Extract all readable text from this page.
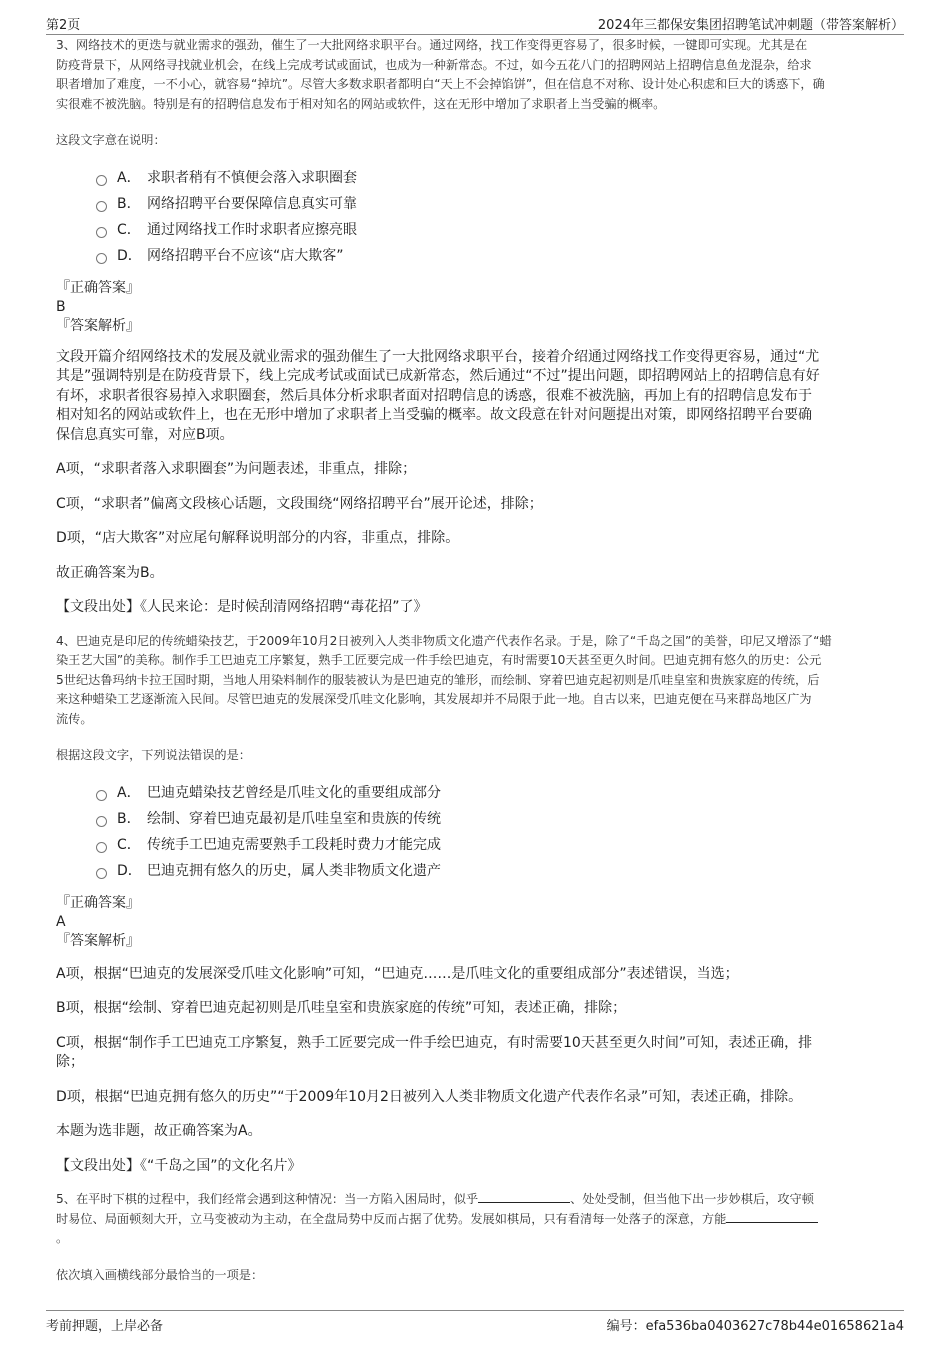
第2页	2024年三都保安集团招聘笔试冲刺题（带答案解析）

3、网络技术的更迭与就业需求的强劲，催生了一大批网络求职平台。通过网络，找工作变得更容易了，很多时候，一键即可实现。尤其是在

防疫背景下，从网络寻找就业机会，在线上完成考试或面试，也成为一种新常态。不过，如今五花八门的招聘网站上招聘信息鱼龙混杂，给求

职者增加了难度，一不小心，就容易“掉坑”。尽管大多数求职者都明白“天上不会掉馅饼”，但在信息不对称、设计处心积虑和巨大的诱惑下，确

实很难不被洗脑。特别是有的招聘信息发布于相对知名的网站或软件，这在无形中增加了求职者上当受骗的概率。

这段文字意在说明：

A． 求职者稍有不慎便会落入求职圈套
B． 网络招聘平台要保障信息真实可靠
C． 通过网络找工作时求职者应擦亮眼
D． 网络招聘平台不应该“店大欺客”

『正确答案』

B

『答案解析』

文段开篇介绍网络技术的发展及就业需求的强劲催生了一大批网络求职平台，接着介绍通过网络找工作变得更容易，通过“尤

其是”强调特别是在防疫背景下，线上完成考试或面试已成新常态，然后通过“不过”提出问题，即招聘网站上的招聘信息有好

有坏，求职者很容易掉入求职圈套，然后具体分析求职者面对招聘信息的诱惑，很难不被洗脑，再加上有的招聘信息发布于

相对知名的网站或软件上，也在无形中增加了求职者上当受骗的概率。故文段意在针对问题提出对策，即网络招聘平台要确

保信息真实可靠，对应B项。

A项，“求职者落入求职圈套”为问题表述，非重点，排除；

C项，“求职者”偏离文段核心话题，文段围绕“网络招聘平台”展开论述，排除；

D项，“店大欺客”对应尾句解释说明部分的内容，非重点，排除。

故正确答案为B。

【文段出处】《人民来论：是时候刮清网络招聘“毒花招”了》

4、巴迪克是印尼的传统蜡染技艺，于2009年10月2日被列入人类非物质文化遗产代表作名录。于是，除了“千岛之国”的美誉，印尼又增添了“蜡

染王艺大国”的美称。制作手工巴迪克工序繁复，熟手工匠要完成一件手绘巴迪克，有时需要10天甚至更久时间。巴迪克拥有悠久的历史：公元

5世纪达鲁玛纳卡拉王国时期，当地人用染料制作的服装被认为是巴迪克的雏形，而绘制、穿着巴迪克起初则是爪哇皇室和贵族家庭的传统，后

来这种蜡染工艺逐渐流入民间。尽管巴迪克的发展深受爪哇文化影响，其发展却并不局限于此一地。自古以来，巴迪克便在马来群岛地区广为

流传。

根据这段文字，下列说法错误的是：

A． 巴迪克蜡染技艺曾经是爪哇文化的重要组成部分
B． 绘制、穿着巴迪克最初是爪哇皇室和贵族的传统
C． 传统手工巴迪克需要熟手工段耗时费力才能完成
D． 巴迪克拥有悠久的历史，属人类非物质文化遗产

『正确答案』

A

『答案解析』

A项，根据“巴迪克的发展深受爪哇文化影响”可知，“巴迪克……是爪哇文化的重要组成部分”表述错误，当选；

B项，根据“绘制、穿着巴迪克起初则是爪哇皇室和贵族家庭的传统”可知，表述正确，排除；

C项，根据“制作手工巴迪克工序繁复，熟手工匠要完成一件手绘巴迪克，有时需要10天甚至更久时间”可知，表述正确，排

除；

D项，根据“巴迪克拥有悠久的历史”“于2009年10月2日被列入人类非物质文化遗产代表作名录”可知，表述正确，排除。

本题为选非题，故正确答案为A。

【文段出处】《“千岛之国”的文化名片》

5、在平时下棋的过程中，我们经常会遇到这种情况：当一方陷入困局时，似乎	、处处受制，但当他下出一步妙棋后，攻守顿

时易位、局面顿刻大开，立马变被动为主动，在全盘局势中反而占据了优势。发展如棋局，只有看清每一处落子的深意，方能

。

依次填入画横线部分最恰当的一项是：

考前押题，上岸必备	编号：efa536ba0403627c78b44e01658621a4
